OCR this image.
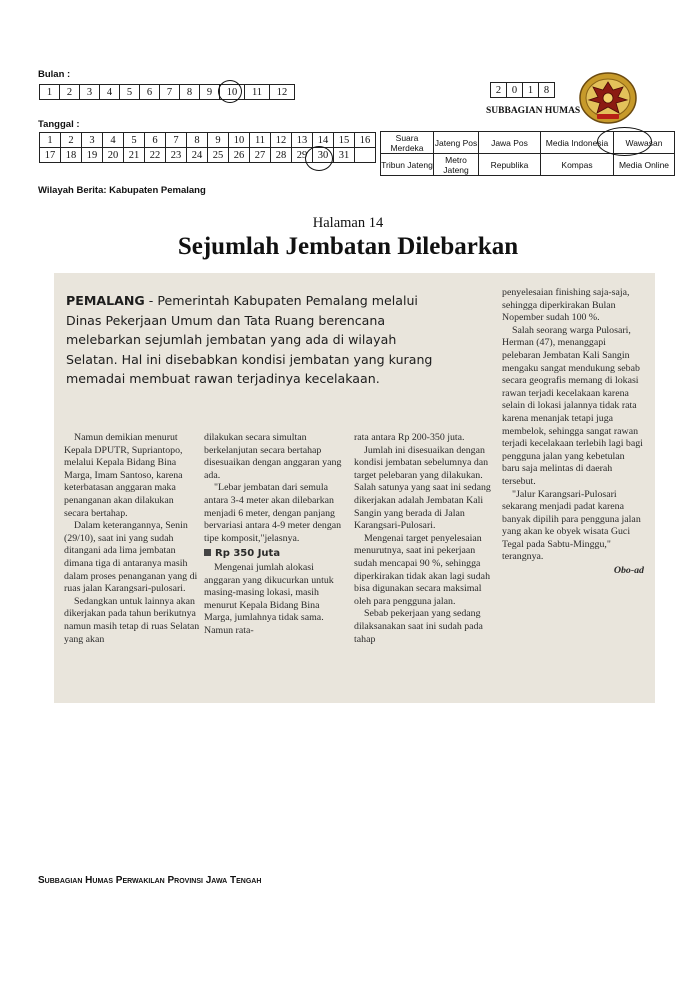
Bulan :
1	2	3	4	5	6	7	8	9	10	11	12
Tanggal :
1	2	3	4	5	6	7	8	9	10	11	12	13	14	15	16
17	18	19	20	21	22	23	24	25	26	27	28	29	30	31	
2	0	1	8
SUBBAGIAN HUMAS
Suara Merdeka	Jateng Pos	Jawa Pos	Media Indonesia	Wawasan
Tribun Jateng	Metro Jateng	Republika	Kompas	Media Online
Wilayah Berita: Kabupaten Pemalang
Halaman 14
Sejumlah Jembatan Dilebarkan
PEMALANG - Pemerintah Kabupaten Pemalang melalui Dinas Pekerjaan Umum dan Tata Ruang berencana melebarkan sejumlah jembatan yang ada di wilayah Selatan. Hal ini disebabkan kondisi jembatan yang kurang memadai membuat rawan terjadinya kecelakaan.

Namun demikian menurut Kepala DPUTR, Supriantopo, melalui Kepala Bidang Bina Marga, Imam Santoso, karena keterbatasan anggaran maka penanganan akan dilakukan secara bertahap.

Dalam keterangannya, Senin (29/10), saat ini yang sudah ditangani ada lima jembatan dimana tiga di antaranya masih dalam proses penanganan yang di ruas jalan Karangsari-pulosari.

Sedangkan untuk lainnya akan dikerjakan pada tahun berikutnya namun masih tetap di ruas Selatan yang akan

dilakukan secara simultan berkelanjutan secara bertahap disesuaikan dengan anggaran yang ada.

"Lebar jembatan dari semula antara 3-4 meter akan dilebarkan menjadi 6 meter, dengan panjang bervariasi antara 4-9 meter dengan tipe komposit,"jelasnya.

Rp 350 Juta

Mengenai jumlah alokasi anggaran yang dikucurkan untuk masing-masing lokasi, masih menurut Kepala Bidang Bina Marga, jumlahnya tidak sama. Namun rata-

rata antara Rp 200-350 juta.

Jumlah ini disesuaikan dengan kondisi jembatan sebelumnya dan target pelebaran yang dilakukan. Salah satunya yang saat ini sedang dikerjakan adalah Jembatan Kali Sangin yang berada di Jalan Karangsari-Pulosari.

Mengenai target penyelesaian menurutnya, saat ini pekerjaan sudah mencapai 90 %, sehingga diperkirakan tidak akan lagi sudah bisa digunakan secara maksimal oleh para pengguna jalan.

Sebab pekerjaan yang sedang dilaksanakan saat ini sudah pada tahap

penyelesaian finishing saja-saja, sehingga diperkirakan Bulan Nopember sudah 100 %.

Salah seorang warga Pulosari, Herman (47), menanggapi pelebaran Jembatan Kali Sangin mengaku sangat mendukung sebab secara geografis memang di lokasi rawan terjadi kecelakaan karena selain di lokasi jalannya tidak rata karena menanjak tetapi juga membelok, sehingga sangat rawan terjadi kecelakaan terlebih lagi bagi pengguna jalan yang kebetulan baru saja melintas di daerah tersebut.

"Jalur Karangsari-Pulosari sekarang menjadi padat karena banyak dipilih para pengguna jalan yang akan ke obyek wisata Guci Tegal pada Sabtu-Minggu," terangnya.

Obo-ad
Subbagian Humas Perwakilan Provinsi Jawa Tengah
